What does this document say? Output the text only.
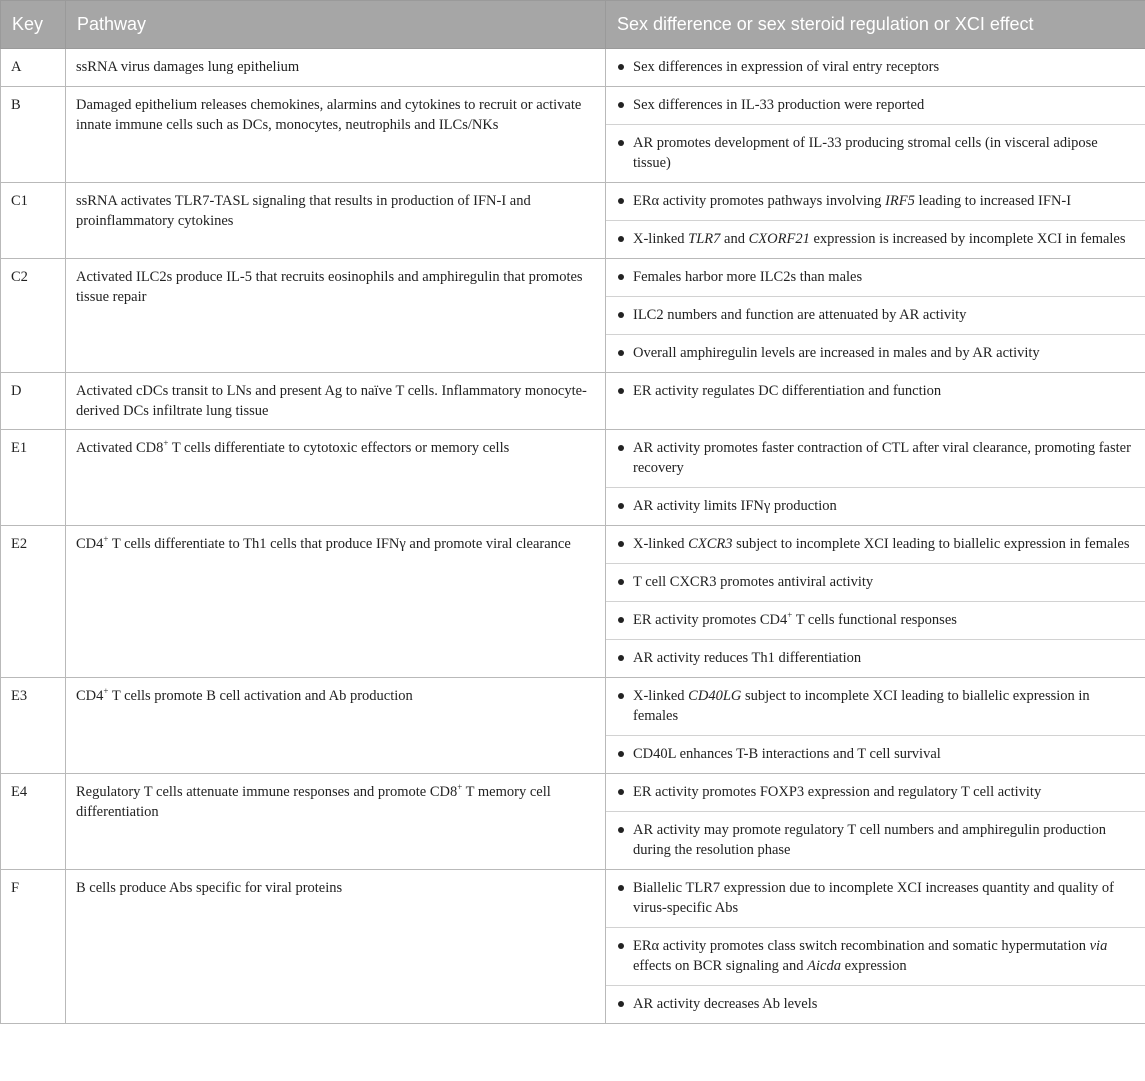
Key	Pathway	Sex difference or sex steroid regulation or XCI effect
A	ssRNA virus damages lung epithelium	Sex differences in expression of viral entry receptors

B	Damaged epithelium releases chemokines, alarmins and cytokines to recruit or activate innate immune cells such as DCs, monocytes, neutrophils and ILCs/NKs	Sex differences in IL-33 production were reported
AR promotes development of IL-33 producing stromal cells (in visceral adipose tissue)

C1	ssRNA activates TLR7-TASL signaling that results in production of IFN-I and proinflammatory cytokines	ERα activity promotes pathways involving IRF5 leading to increased IFN-I
X-linked TLR7 and CXORF21 expression is increased by incomplete XCI in females

C2	Activated ILC2s produce IL-5 that recruits eosinophils and amphiregulin that promotes tissue repair	Females harbor more ILC2s than males
ILC2 numbers and function are attenuated by AR activity
Overall amphiregulin levels are increased in males and by AR activity

D	Activated cDCs transit to LNs and present Ag to naïve T cells. Inflammatory monocyte-derived DCs infiltrate lung tissue	ER activity regulates DC differentiation and function

E1	Activated CD8+ T cells differentiate to cytotoxic effectors or memory cells	AR activity promotes faster contraction of CTL after viral clearance, promoting faster recovery
AR activity limits IFNγ production

E2	CD4+ T cells differentiate to Th1 cells that produce IFNγ and promote viral clearance	X-linked CXCR3 subject to incomplete XCI leading to biallelic expression in females
T cell CXCR3 promotes antiviral activity
ER activity promotes CD4+ T cells functional responses
AR activity reduces Th1 differentiation

E3	CD4+ T cells promote B cell activation and Ab production	X-linked CD40LG subject to incomplete XCI leading to biallelic expression in females
CD40L enhances T-B interactions and T cell survival

E4	Regulatory T cells attenuate immune responses and promote CD8+ T memory cell differentiation	ER activity promotes FOXP3 expression and regulatory T cell activity
AR activity may promote regulatory T cell numbers and amphiregulin production during the resolution phase

F	B cells produce Abs specific for viral proteins	Biallelic TLR7 expression due to incomplete XCI increases quantity and quality of virus-specific Abs
ERα activity promotes class switch recombination and somatic hypermutation via effects on BCR signaling and Aicda expression
AR activity decreases Ab levels
